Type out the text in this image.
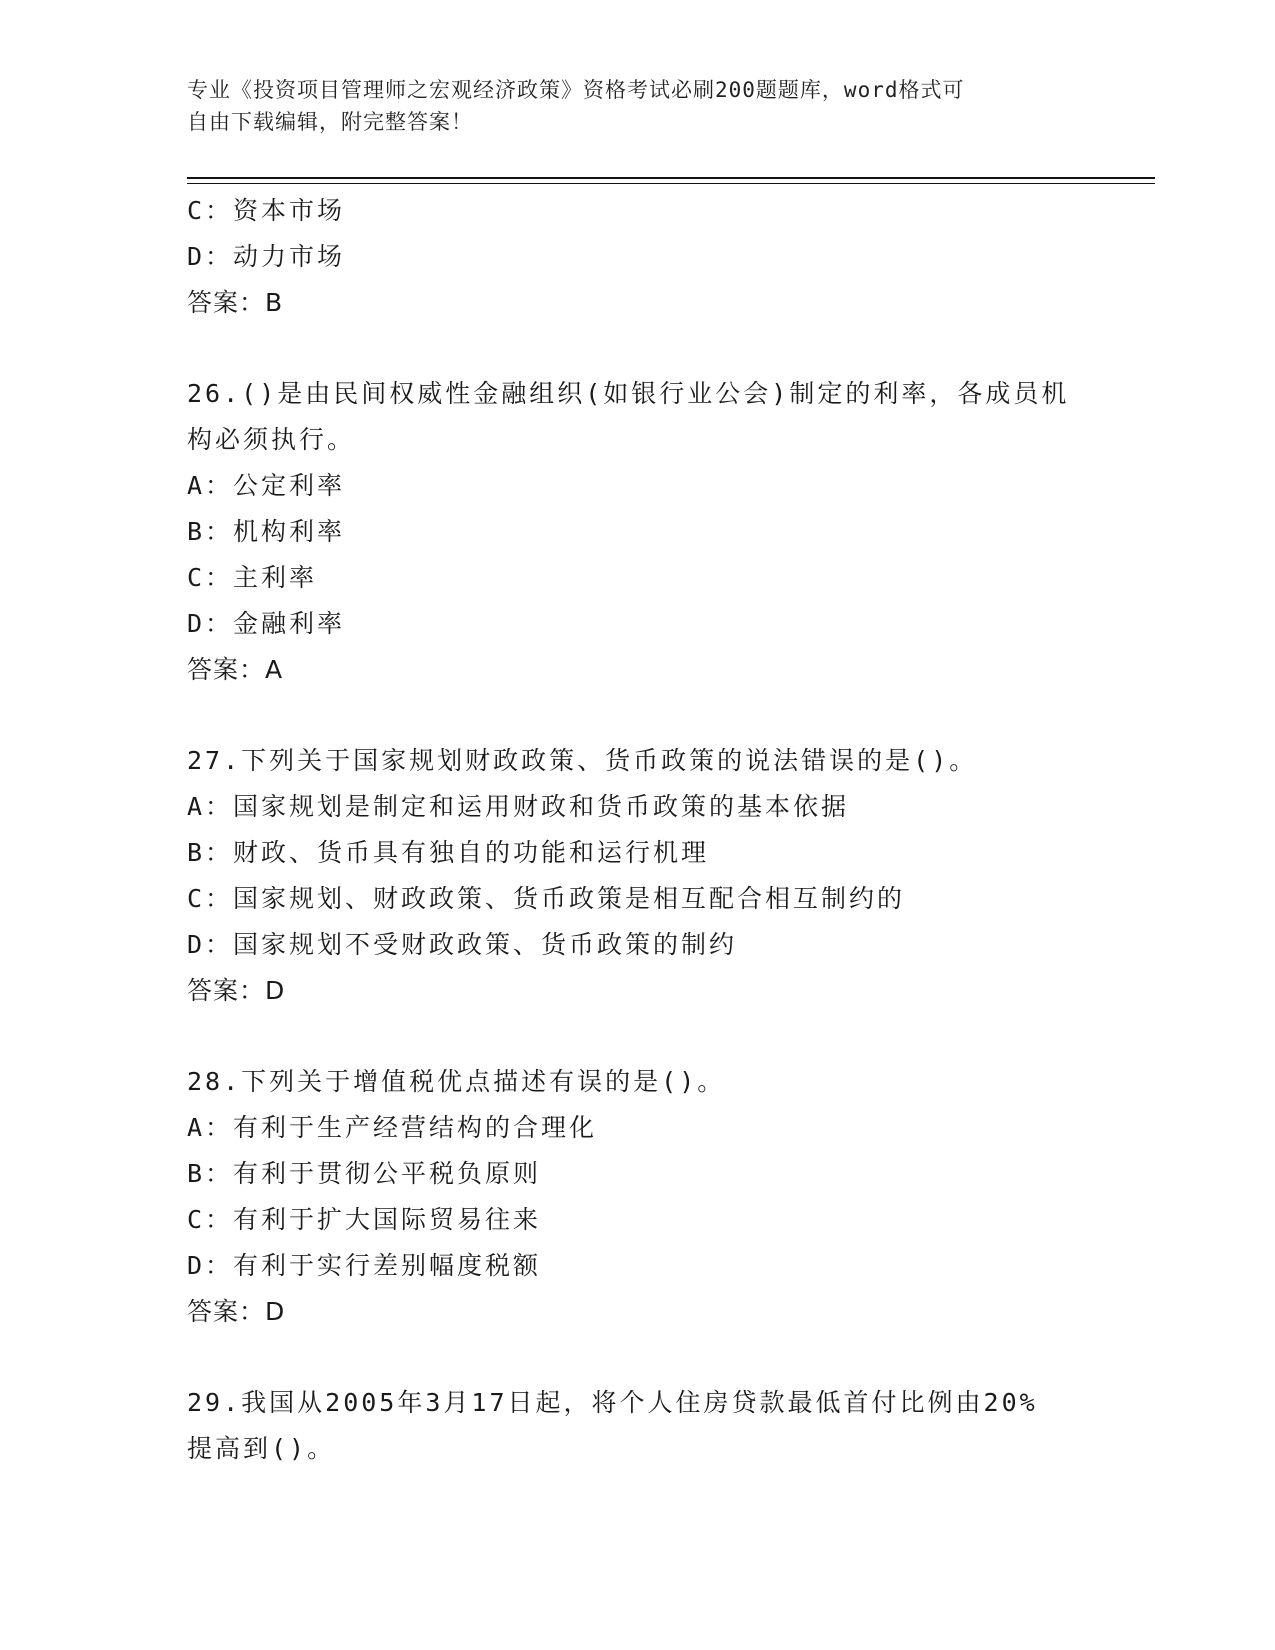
专业《投资项目管理师之宏观经济政策》资格考试必刷200题题库，word格式可
自由下载编辑，附完整答案！
C：资本市场
D：动力市场
答案：B
26.()是由民间权威性金融组织(如银行业公会)制定的利率，各成员机
构必须执行。
A：公定利率
B：机构利率
C：主利率
D：金融利率
答案：A
27.下列关于国家规划财政政策、货币政策的说法错误的是()。
A：国家规划是制定和运用财政和货币政策的基本依据
B：财政、货币具有独自的功能和运行机理
C：国家规划、财政政策、货币政策是相互配合相互制约的
D：国家规划不受财政政策、货币政策的制约
答案：D
28.下列关于增值税优点描述有误的是()。
A：有利于生产经营结构的合理化
B：有利于贯彻公平税负原则
C：有利于扩大国际贸易往来
D：有利于实行差别幅度税额
答案：D
29.我国从2005年3月17日起，将个人住房贷款最低首付比例由20%
提高到()。
